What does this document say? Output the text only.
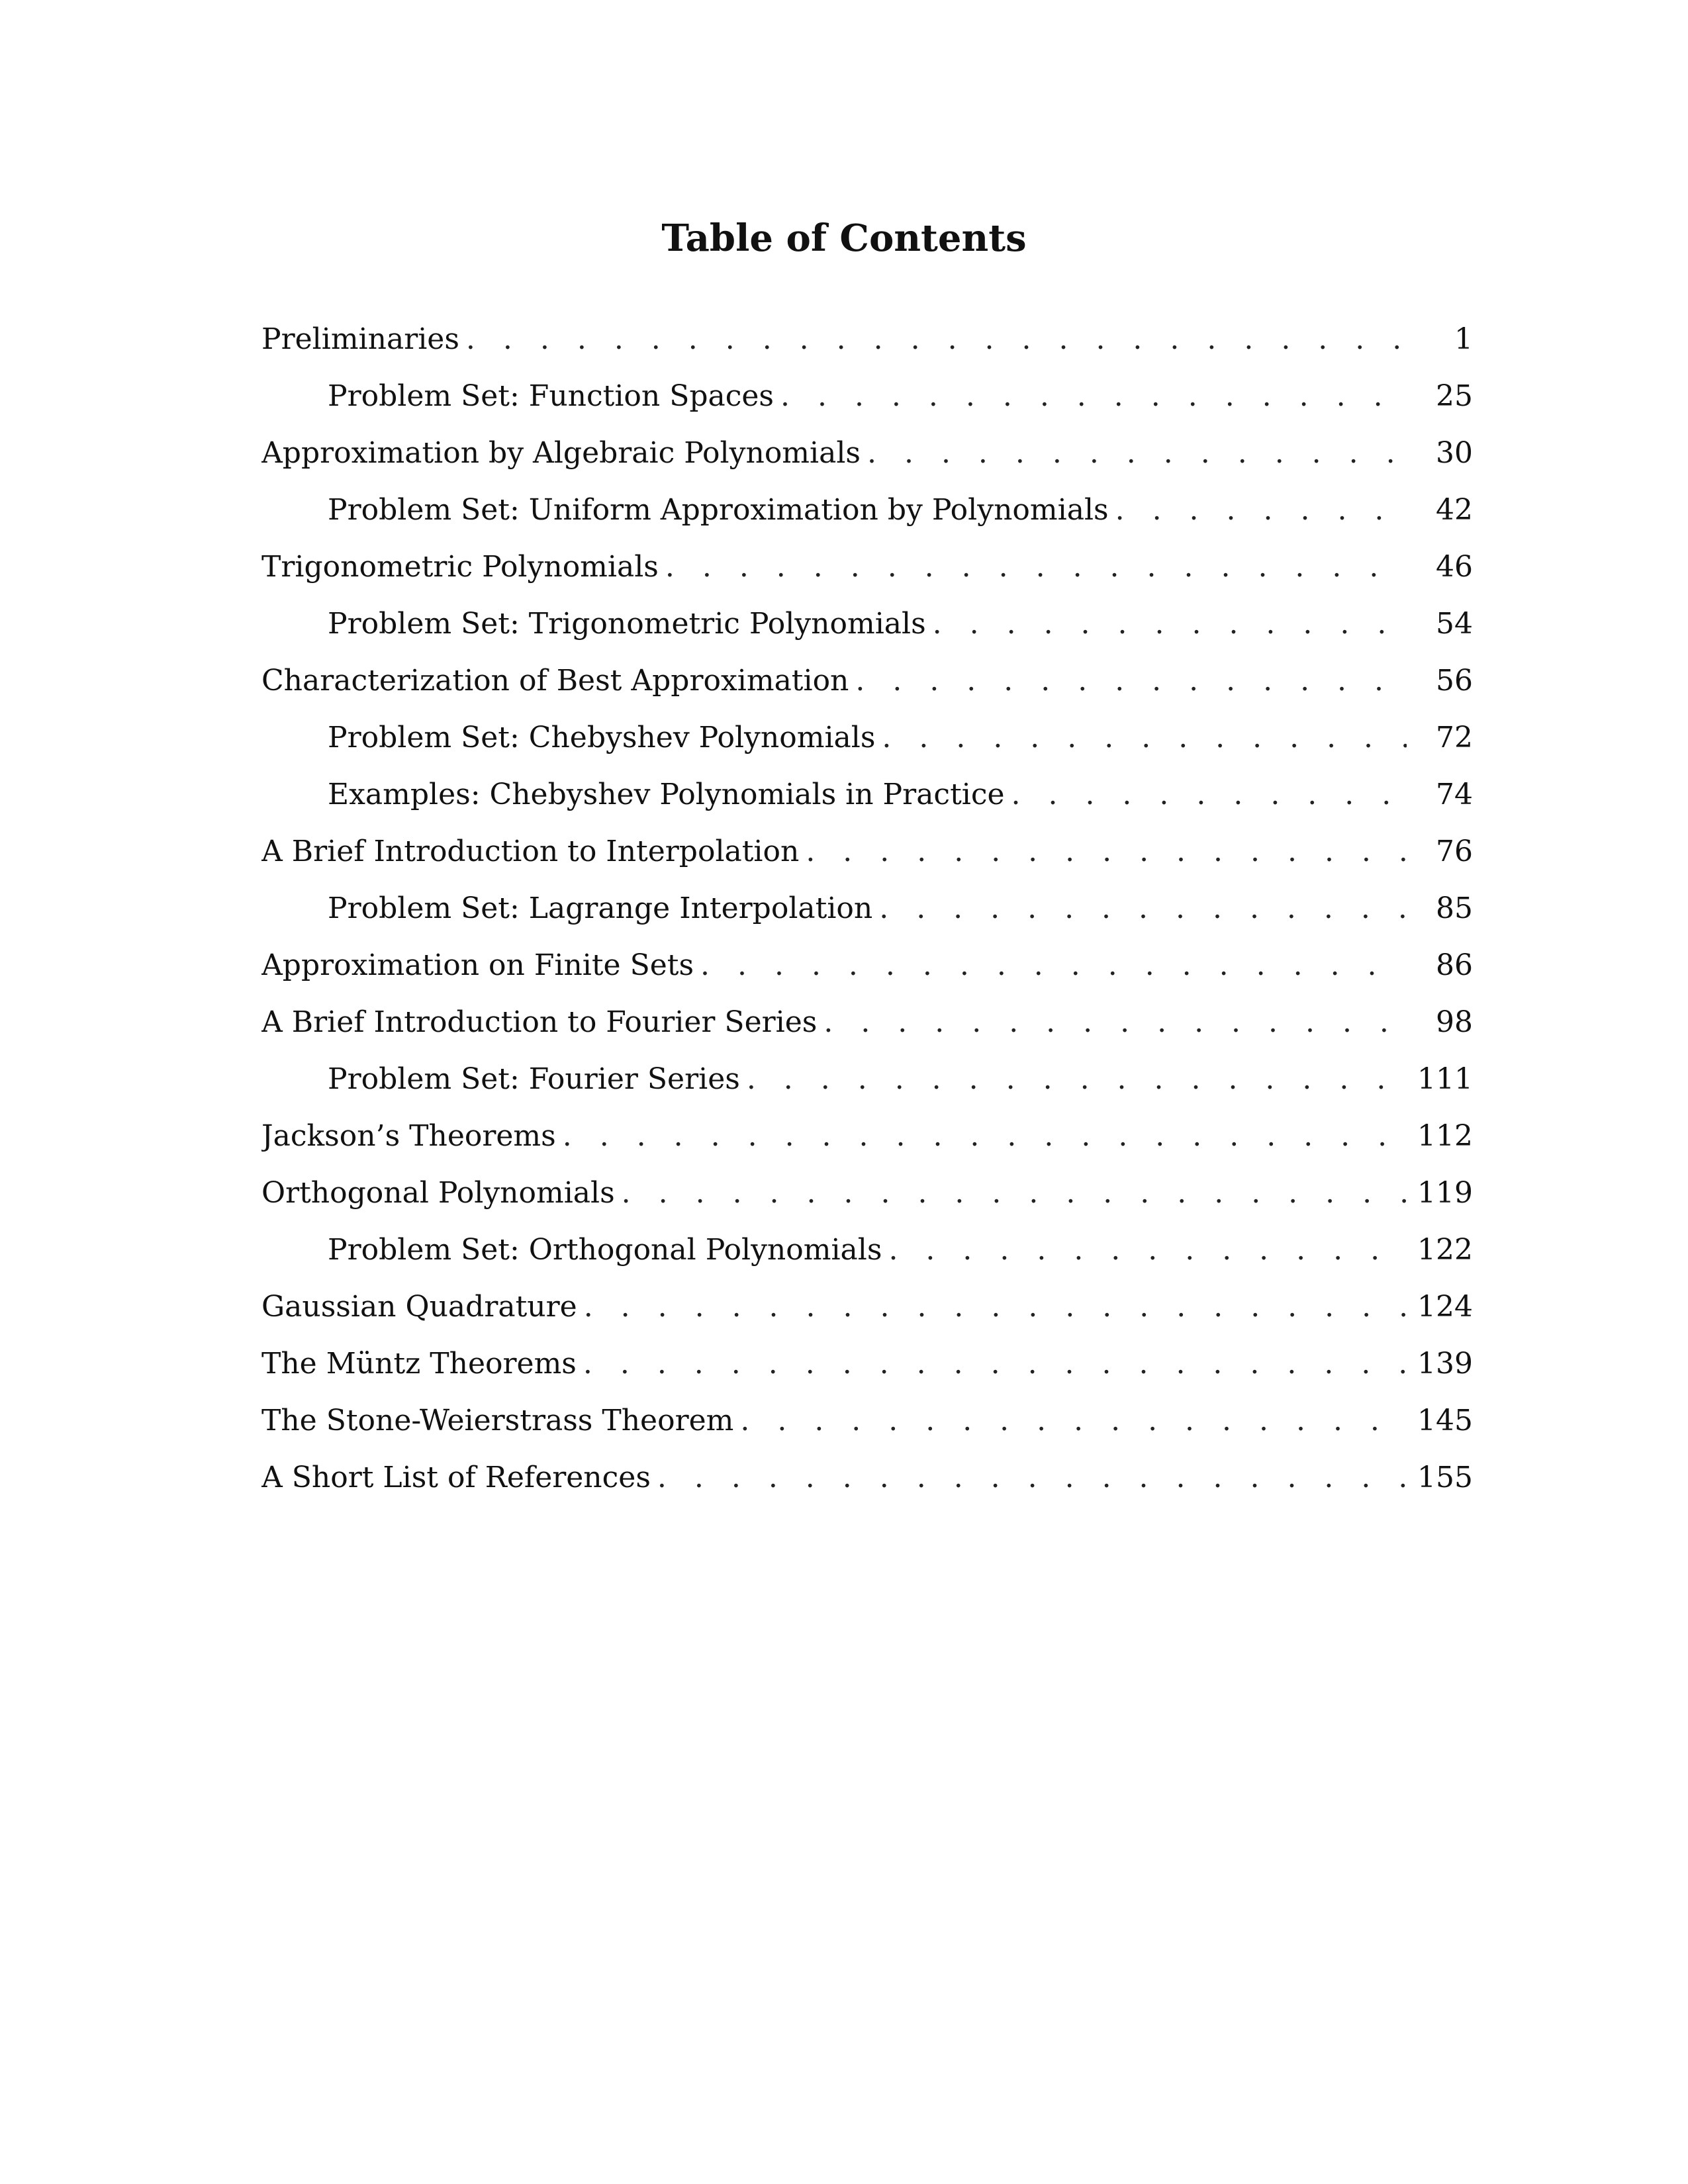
Table of Contents
Preliminaries . . .	1
Problem Set: Function Spaces . . .	25
Approximation by Algebraic Polynomials . . .	30
Problem Set: Uniform Approximation by Polynomials . . .	42
Trigonometric Polynomials . . .	46
Problem Set: Trigonometric Polynomials . . .	54
Characterization of Best Approximation . . .	56
Problem Set: Chebyshev Polynomials . . .	72
Examples: Chebyshev Polynomials in Practice . . .	74
A Brief Introduction to Interpolation . . .	76
Problem Set: Lagrange Interpolation . . .	85
Approximation on Finite Sets . . .	86
A Brief Introduction to Fourier Series . . .	98
Problem Set: Fourier Series . . .	111
Jackson’s Theorems . . .	112
Orthogonal Polynomials . . .	119
Problem Set: Orthogonal Polynomials . . .	122
Gaussian Quadrature . . .	124
The Müntz Theorems . . .	139
The Stone-Weierstrass Theorem . . .	145
A Short List of References . . .	155
